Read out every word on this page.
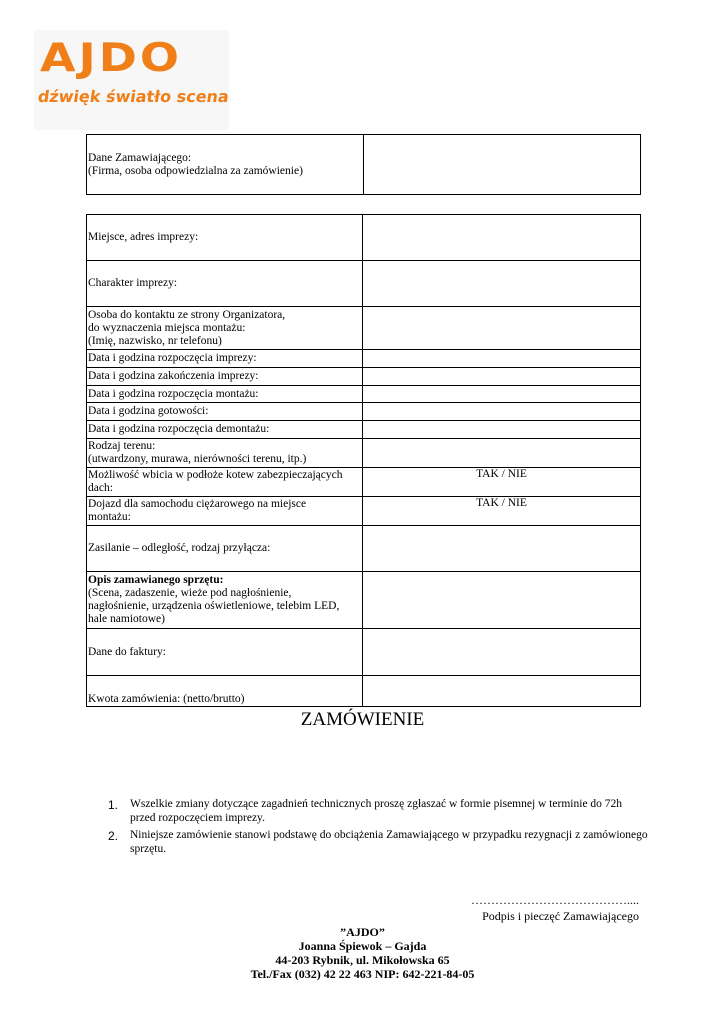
AJDO
dźwięk światło scena
Dane Zamawiającego:
(Firma, osoba odpowiedzialna za zamówienie)

Miejsce, adres imprezy:	

Charakter imprezy:	

Osoba do kontaktu ze strony Organizatora,
do wyznaczenia miejsca montażu:
(Imię, nazwisko, nr telefonu)	

Data i godzina rozpoczęcia imprezy:	

Data i godzina zakończenia imprezy:	

Data i godzina rozpoczęcia montażu:	

Data i godzina gotowości:	

Data i godzina rozpoczęcia demontażu:	

Rodzaj terenu:
(utwardzony, murawa, nierówności terenu, itp.)	

Możliwość wbicia w podłoże kotew zabezpieczających
dach:	TAK / NIE

Dojazd dla samochodu ciężarowego na miejsce
montażu:	TAK / NIE

Zasilanie – odległość, rodzaj przyłącza:	

Opis zamawianego sprzętu:
(Scena, zadaszenie, wieże pod nagłośnienie,
nagłośnienie, urządzenia oświetleniowe, telebim LED,
hale namiotowe)	

Dane do faktury:	

Kwota zamówienia: (netto/brutto)	

ZAMÓWIENIE
1. Wszelkie zmiany dotyczące zagadnień technicznych proszę zgłaszać w formie pisemnej w terminie do 72h przed rozpoczęciem imprezy.
2. Niniejsze zamówienie stanowi podstawę do obciążenia Zamawiającego w przypadku rezygnacji z zamówionego sprzętu.
…………………………………....
Podpis i pieczęć Zamawiającego
”AJDO”
Joanna Śpiewok – Gajda
44-203 Rybnik, ul. Mikołowska 65
Tel./Fax (032) 42 22 463 NIP: 642-221-84-05
